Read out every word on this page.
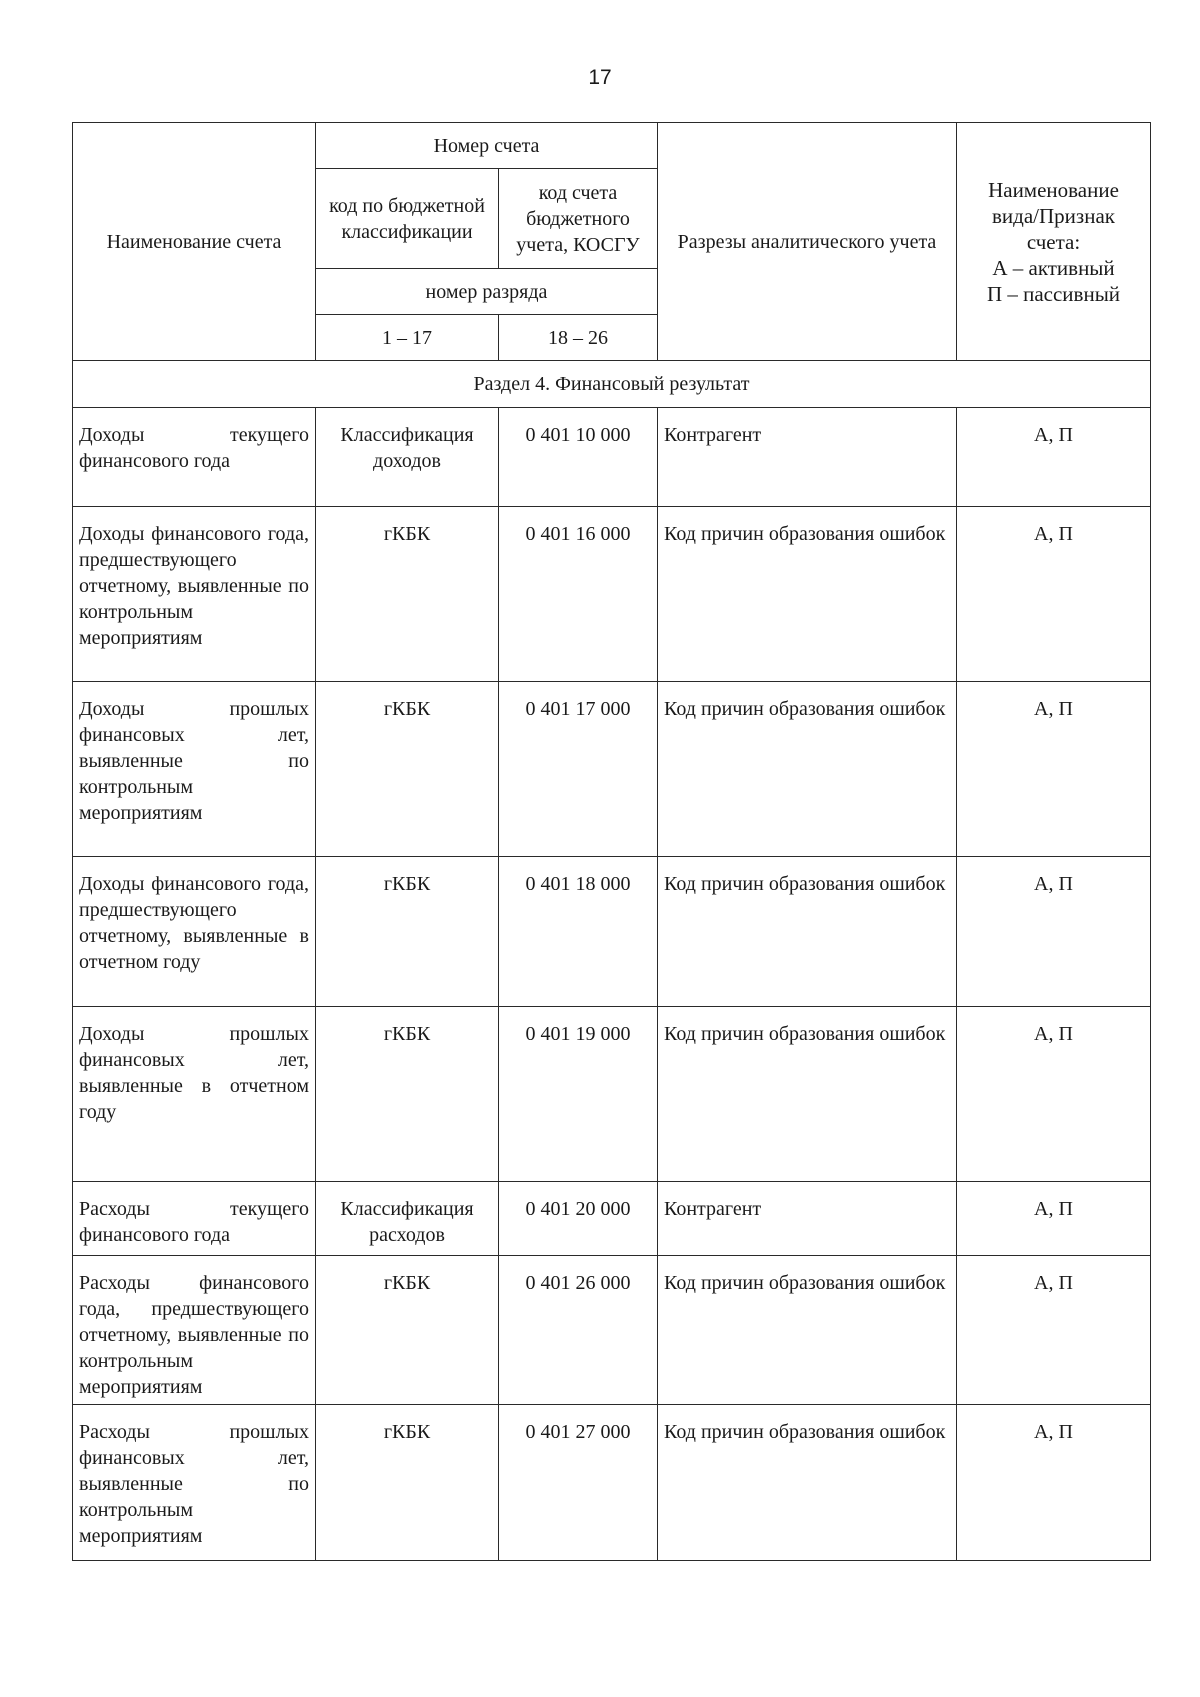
17
Наименование счета	Номер счета		Разрезы аналитического учета	Наименование вида/Признак счета:
А – активный
П – пассивный
	код по бюджетной классификации	код счета бюджетного учета, КОСГУ		
	номер разряда			
	1 – 17	18 – 26		
Раздел 4. Финансовый результат				
Доходы текущего финансового года	Классификация доходов	0 401 10 000	Контрагент	А, П
Доходы финансового года, предшествующего отчетному, выявленные по контрольным мероприятиям	гКБК	0 401 16 000	Код причин образования ошибок	А, П
Доходы прошлых финансовых лет, выявленные по контрольным мероприятиям	гКБК	0 401 17 000	Код причин образования ошибок	А, П
Доходы финансового года, предшествующего отчетному, выявленные в отчетном году	гКБК	0 401 18 000	Код причин образования ошибок	А, П
Доходы прошлых финансовых лет, выявленные в отчетном году	гКБК	0 401 19 000	Код причин образования ошибок	А, П
Расходы текущего финансового года	Классификация расходов	0 401 20 000	Контрагент	А, П
Расходы финансового года, предшествующего отчетному, выявленные по контрольным мероприятиям	гКБК	0 401 26 000	Код причин образования ошибок	А, П
Расходы прошлых финансовых лет, выявленные по контрольным мероприятиям	гКБК	0 401 27 000	Код причин образования ошибок	А, П
